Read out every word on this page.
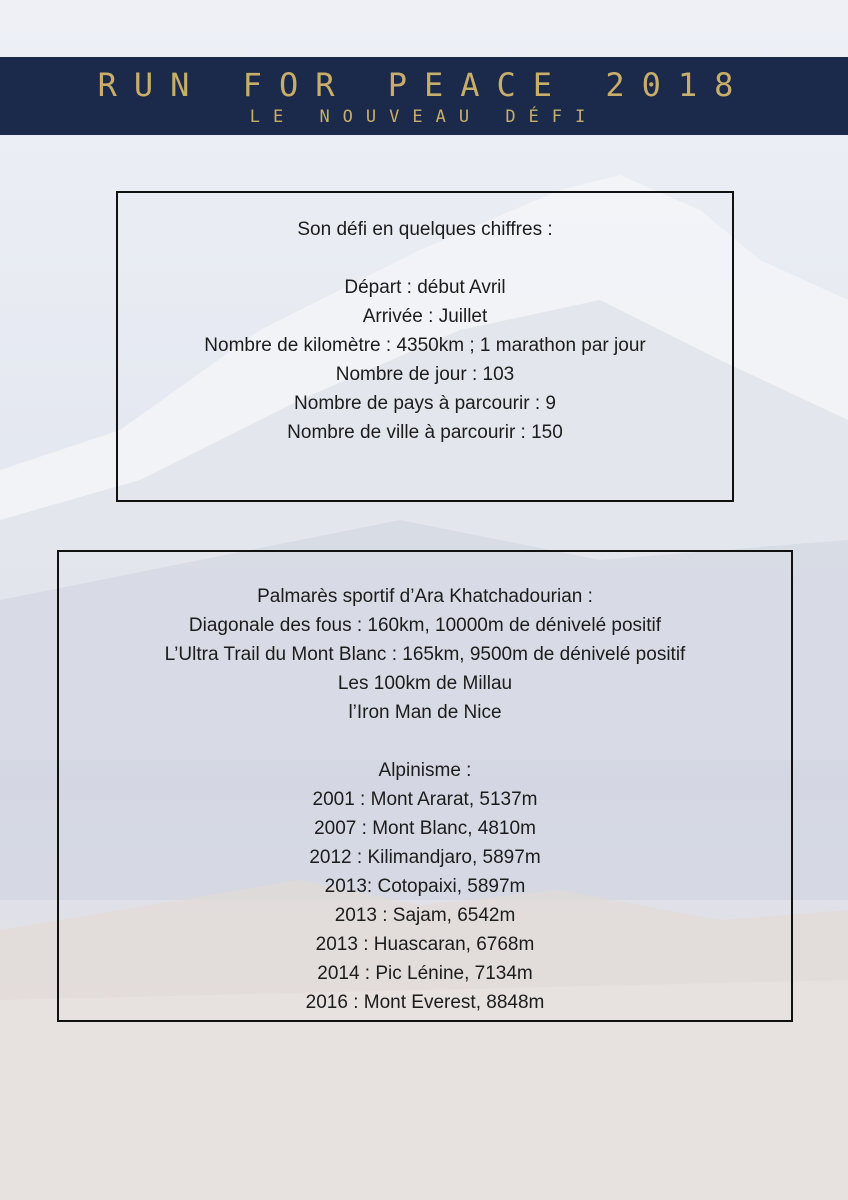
RUN FOR PEACE 2018
LE NOUVEAU DÉFI
Son défi en quelques chiffres :
Départ : début Avril
Arrivée : Juillet
Nombre de kilomètre : 4350km ; 1 marathon par jour
Nombre de jour : 103
Nombre de pays à parcourir : 9
Nombre de ville à parcourir : 150
Palmarès sportif d’Ara Khatchadourian :
Diagonale des fous : 160km, 10000m de dénivelé positif
L’Ultra Trail du Mont Blanc : 165km, 9500m de dénivelé positif
Les 100km de Millau
l’Iron Man de Nice
Alpinisme :
2001 : Mont Ararat, 5137m
2007 : Mont Blanc, 4810m
2012 : Kilimandjaro, 5897m
2013: Cotopaixi, 5897m
2013 : Sajam, 6542m
2013 : Huascaran, 6768m
2014 : Pic Lénine, 7134m
2016 : Mont Everest, 8848m
